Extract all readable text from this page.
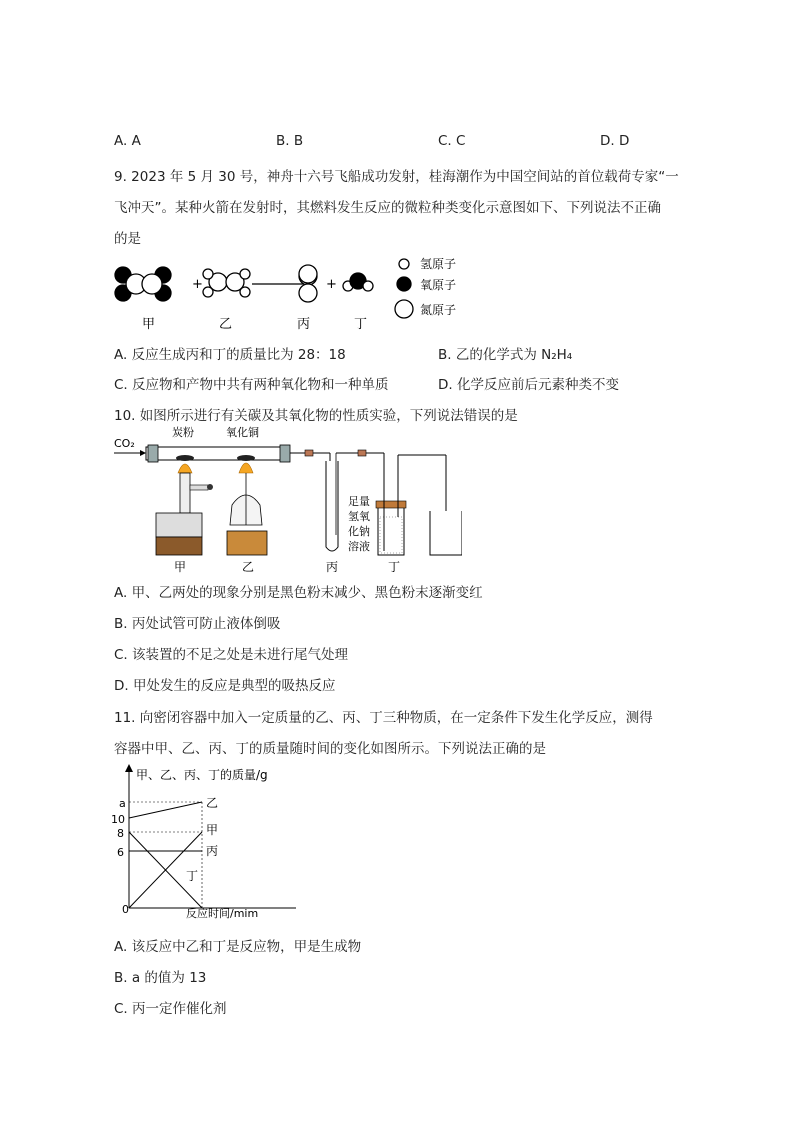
A. A	B. B	C. C	D. D
9. 2023 年 5 月 30 号，神舟十六号飞船成功发射，桂海潮作为中国空间站的首位载荷专家“一
飞冲天”。某种火箭在发射时，其燃料发生反应的微粒种类变化示意图如下、下列说法不正确
的是
+	+
氢原子
氧原子
氮原子
甲	乙	丙	丁
A. 反应生成丙和丁的质量比为 28：18	B. 乙的化学式为 N₂H₄
C. 反应物和产物中共有两种氧化物和一种单质	D. 化学反应前后元素种类不变
10. 如图所示进行有关碳及其氧化物的性质实验，下列说法错误的是
CO₂
炭粉	氧化铜
足量
氢氧
化钠
溶液
甲	乙	丙	丁
A. 甲、乙两处的现象分别是黑色粉末减少、黑色粉末逐渐变红
B. 丙处试管可防止液体倒吸
C. 该装置的不足之处是未进行尾气处理
D. 甲处发生的反应是典型的吸热反应
11. 向密闭容器中加入一定质量的乙、丙、丁三种物质，在一定条件下发生化学反应，测得
容器中甲、乙、丙、丁的质量随时间的变化如图所示。下列说法正确的是
甲、乙、丙、丁的质量/g
反应时间/mim
0
a
10
8
6
乙
甲
丙
丁
A. 该反应中乙和丁是反应物，甲是生成物
B. a 的值为 13
C. 丙一定作催化剂
